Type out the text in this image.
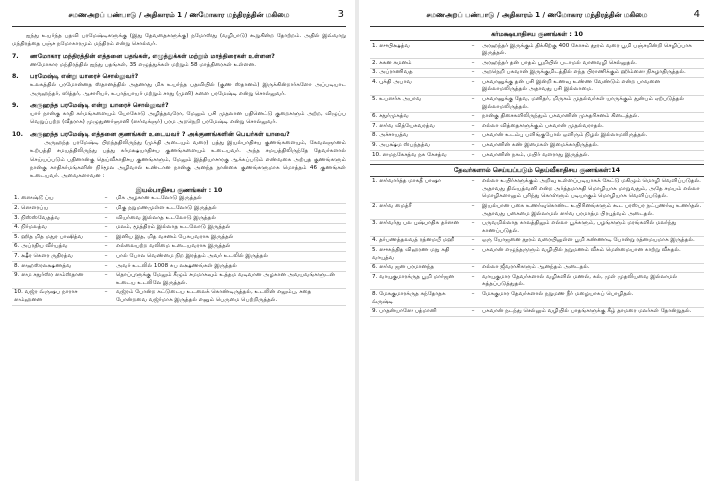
சமணஅறப் பண்பாடு / அதிகாரம் 1 / ணமோகார மந்திரத்தின் மகிமை	3

ஐந்து உயர்ந்த பதவி பரமேஷ்டிகளுக்கு (இது தேவதைகளுக்கு) நமோஸ்து (வழிபாடு) கூறுகின்ற தோற்றம். அதில் இவ்வாறு மந்திரத்தை பஞ்ச நமோகாரமும் மந்திரம் என்று சொல்வர்.

7. ணமோகார மந்திரத்தின் எத்தனை பதங்கள், எழுத்துக்கள் மற்றும் மாத்திரைகள் உள்ளன?

ணமோகார மந்திரத்தில் ஐந்து பதங்கள், 35 எழுத்துக்கள் மற்றும் 58 மாத்திரைகள் உள்ளன.

8. பரமேஷ்டி என்று யாரைச் சொல்லுவர்?

உலகத்தில் பரமோன்னத ஸ்தானத்தில் அதனாது மிக உயர்ந்த பதவியில் (குண ஸ்தானம்) இருக்கின்றார்களோ அப்படியாட அருஹந்தர், ஸித்தர், ஆசாரியர், உபாத்யாயர் மற்றும் சாது (முனி) களை பரமேஷ்டி என்று சொல்லுவர்.

9. அருஹந்த பரமேஷ்டி என்று யாரைச் சொல்லுவர்?

யார் நான்கு காதி கர்மங்களையும் யோகோடு அழித்தவரோ, மேலும் பசி முதலான பதினெட்டு குறைகளும் அற்ற, விழுப்ப வெறுப்பற்ற (வீதராக) முழுதுணர்ஞானி (ஸர்வக்ஞர்) பரம அறநெறி பரமேஷ்டி என்று சொல்லுவர்.

10. அருஹந்த பரமேஷ்டி எத்தனை குணங்கள் உடையவர் ? அக்குணங்களின் பெயர்கள் யாவை?

அருஹந்த பரமேஷ்டி பிறந்ததிலிருந்து (முக்தி அடையும் வரை) பத்து இயல்பாதிசய குணங்களையும், கேவலஞானம் உற்பத்தி சமயத்திலிருந்து பத்து கர்மக்ஷயாதிசய குணங்களையும் உடையவர். அந்த சமயத்திலிருந்தே தேவர்களால் செய்யப்படும் பதினான்கு தெய்வீகாதிசய குணங்களும், மேலும் இத்தியாசாரகு ஆக்கப்படும் எண்வகை அற்புத குணங்களும் நான்கு காதிகர்மங்களின் நிர்மூல அழிவால் உண்டான நான்கு அனந்த நான்கை குணங்களுமாக மொத்தம் 46 குணங்கள் உடையவர். அவைகளாவன :

இயல்பாதிசய குணங்கள் : 10
1. ஸைஷ்டூ ப்ய	–	மிக அழகான உடலோடு இருத்தல்
2. ஸௌரப்ய	–	மிகு நறுமணமுள்ள உடலோடு இருத்தல்
3. நிஸ்ஸ்வேதத்வ	–	வியர்வை இல்லாத உடலோடு இருத்தல்
4. நிர்மலத்வ	–	மலம், மூத்திரம் இல்லாத உடலோடு இருத்தல்
5. ஹித மித மதுர பாஷித்வ	–	இனிய இத, மித வசனம் பேசுபவராக இருத்தல்
6. அப்ரதிய வீர்யத்வ	–	எல்லையற்ற வலிமை உடையவராக இருத்தல்
7. க்ஷீர கௌர ருதிரத்வ	–	பால் போல வெண்மை நிற இரத்தம் அவர் உடலில் இருத்தல்
8. ஸஹஸ்ரலக்ஷணத்வ	–	அவர் உடலில் 1008 சுப லக்ஷணங்கள் இருத்தல்
9. ஸம சதுர்ஸ்ர ஸம்ஸ்தான	–	தொப்புளுக்கு மேலும் கீழும் சமமாகவும் உத்தம வடிவான அழகான அவயவங்களுடன் உடைய உடலிலே இருத்தல்.
10. வஜ்ர வ்ருஷப நாராச ஸம்ஹனன	–	வஜ்ரம் போன்ற கட்டுடைய உடலைக் கொண்டிருத்தல், உடலின் எலும்பு, சதை போன்றவை வஜ்ர்மாக இருத்தல் எனும் பெருமை பெற்றிருத்தல்.
சமணஅறப் பண்பாடு / அதிகாரம் 1 / ணமோகார மந்திரத்தின் மகிமை	4
கர்மக்ஷயாதிசய குணங்கள் : 10
1. ஸுபிக்ஷத்வ	–	அரஹந்தர் இருக்கும் திக்கிற்கு 400 கோசம் தூரம் வரை பூமி பஞ்சமின்றி செழிப்பாக இருத்தல்.
2. ககன கமனம்	–	அரஹந்தர் தன் பாதம் பூமியில் படாமல் வானவழி செல்லுதல்.
3. அப்ராணிவத	–	அறநெறி பகவான் இருக்குமிடத்தில் எந்த பிராணிக்கும் ஹிம்ஸை நிகழாதிருத்தல்.
4. புக்தி அபாவ	–	பகவானுக்கு தன் பசி இன்றி உணவு உண்ண வேண்டும் என்ற பாவனை இல்லாமலிருத்தல் அதாவது பசி இல்லாமை.
5. உபஸர்க அபாவ	–	பகவானுக்கு தேவ, மனிதர், மிருகம் முதல்வர்கள் யாருக்கும் துன்பம் ஏற்படுத்தல் இல்லாமலிருத்தல்.
6. சதுர்முகத்வ	–	நான்கு திசைகளிலிருந்தும் பகவானின் முகதரிசனம் கிடைத்தல்.
7. ஸர்வ வித்யேசுவரத்வ	–	எல்லா வித்தைகளுக்கும் பகவான் முதல்வராதல்.
8. அச்சாயத்வ	–	பகவான் உடம்பு பளிங்குபோல் ஒளிரும் நிழல் இல்லாமலிருத்தல்.
9. அபக்ஷ்ம ஸ்பந்தத்வ	–	பகவானின் கண் இமைகள் இமைக்காதிருத்தல்.
10. ஸமநகேசத்வ நக கேசத்வ	–	பகவானின் நகம், மயிர் வளராது இருத்தல்.
தேவர்களால் செய்யப்படும் தெய்வீகாதிசய குணங்கள்:14
1. ஸர்வார்த்த மாகதீ பாஷா	–	எல்லா உயிர்களுக்கும் அறிவு உள்ளப்படியாகக் கேட்டு மகிழும் மொழி வெளிப்படுதல். அதாவது திவ்யத்வனி என்ற அர்த்தமாகதி மொழியாக மாறுவதும், அதே சமயம் எல்லா மொழிகளாலும் புரிந்து கொள்ளும் படியாகும் மொழியாக வெளிப்படுதல்.
2. ஸர்வ மைத்ரீ	–	இயல்பான பகை உணர்வுகொண்ட உயிரினங்களும் கூட பரஸ்பர நட்புணர்வு உணர்தல். அதாவது பகைமை இல்லாமல் ஸர்வ பரமாத்ம பிரபுத்வம் அடைதல்.
3. ஸர்வர்து பல புஷ்பாதிக தர்ஸன	–	பருவமில்லாத காலத்திலும் எல்லா பூக்களும், பழங்களும் மரங்களில் மலர்ந்து காணப்படுதல்.
4. தர்பணத்தலவத் ரத்னமயீ மஹீ	–	ஒரு யோஜனை தூரம் வரையிலுள்ள பூமி கண்ணாடி போன்று ரத்னமயமாக இருத்தல்.
5. ஸுகந்தித விஹரண மநு கதி வாயுத்வ	–	பகவான் எழுந்தருளும் வழியில் நறுமணம் வீசும் மென்மையான காற்று வீசுதல்.
6. ஸர்வ ஜன பரமானந்த	–	எல்லா ஜீவராசிகளும் ஆனந்தம் அடைதல்.
7. வாயுகுமாரக்ருத பூமி மார்ஜன	–	வாயுகுமார தேவர்களால் வழிகளில் மணல், கல், முள் முதலியவை இல்லாமல் சுத்தப்படுத்துதல்.
8. மேககுமாரக்ருத கந்தோதக வ்ருஷ்டி	–	மேககுமார தேவர்களால் நறுமண நீர் மழையாகப் பொழிதல்.
9. பாதன்யாஸே பத்மானி	–	பகவான் நடந்து செல்லும் வழியில் பாதங்களுக்கு கீழ் தாமரை மலர்கள் தோன்றுதல்.
